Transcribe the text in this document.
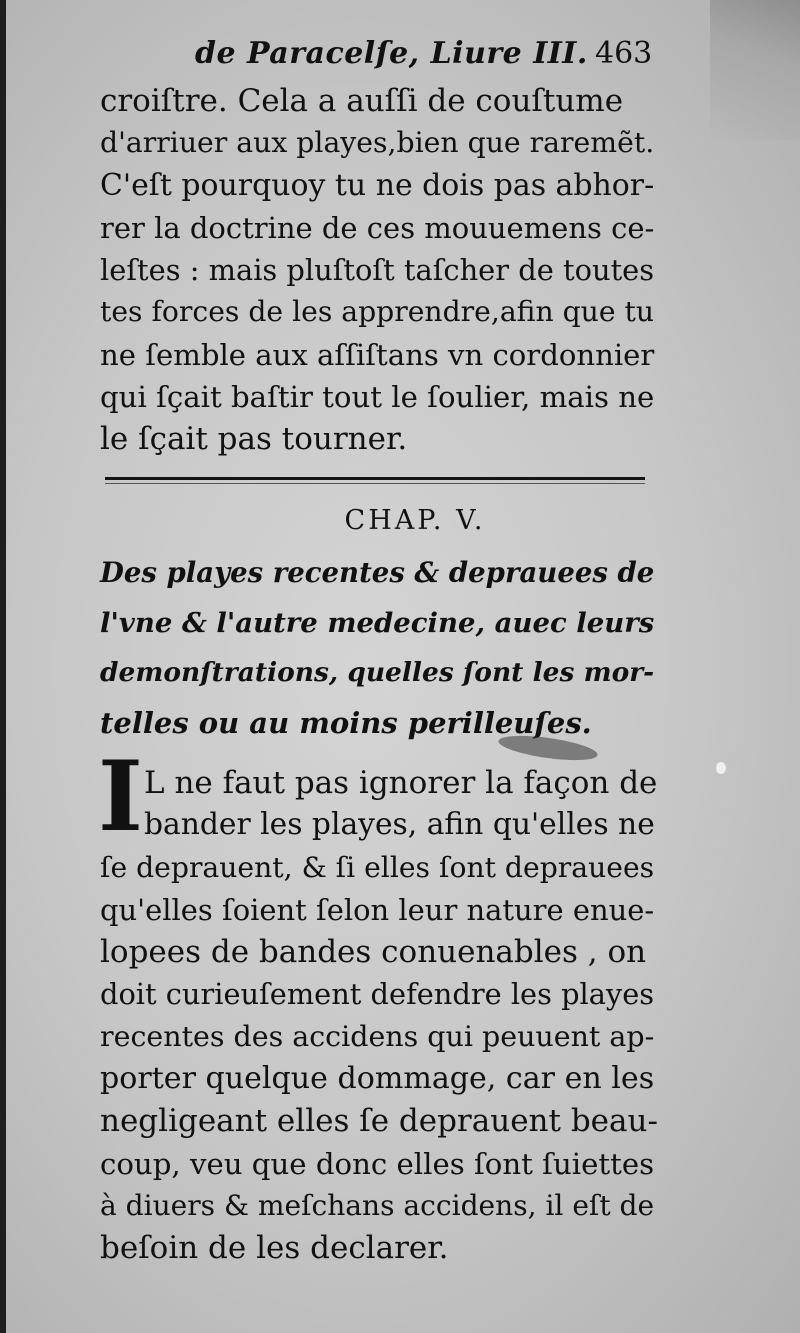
de Paracelſe, Liure III. 463
croiſtre. Cela a auſſi de couſtume
d'arriuer aux playes,bien que raremẽt.
C'eſt pourquoy tu ne dois pas abhor-
rer la doctrine de ces mouuemens ce-
leſtes : mais pluſtoſt taſcher de toutes
tes forces de les apprendre,afin que tu
ne ſemble aux aſſiſtans vn cordonnier
qui ſçait baſtir tout le ſoulier, mais ne
le ſçait pas tourner.
CHAP. V.
Des playes recentes & deprauees de
l'vne & l'autre medecine, auec leurs
demonſtrations, quelles ſont les mor-
telles ou au moins perilleuſes.
I L ne faut pas ignorer la façon de
bander les playes, afin qu'elles ne
ſe deprauent, & ſi elles ſont deprauees
qu'elles ſoient ſelon leur nature enue-
lopees de bandes conuenables , on
doit curieuſement defendre les playes
recentes des accidens qui peuuent ap-
porter quelque dommage, car en les
negligeant elles ſe deprauent beau-
coup, veu que donc elles ſont ſuiettes
à diuers & meſchans accidens, il eſt de
beſoin de les declarer.
